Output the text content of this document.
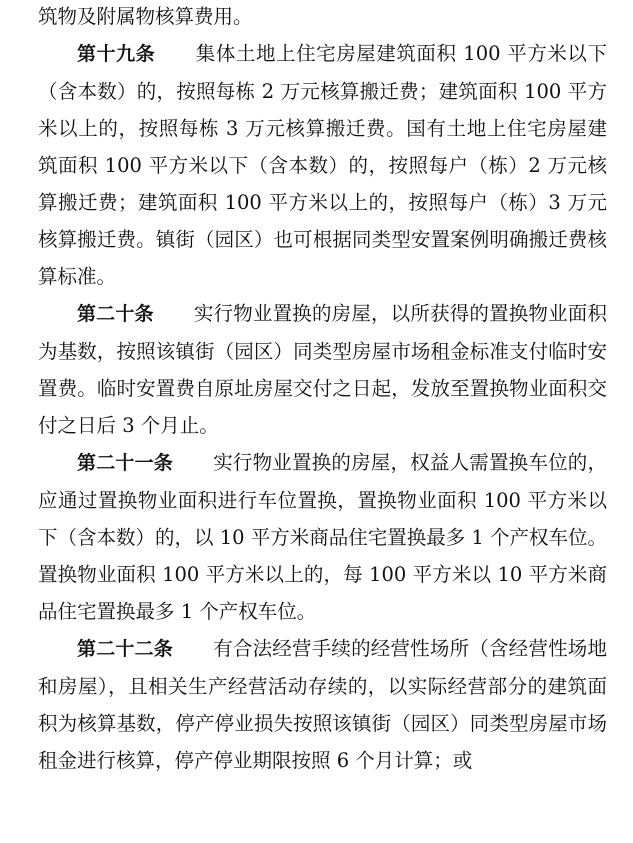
筑物及附属物核算费用。

第十九条 集体土地上住宅房屋建筑面积 100 平方米以下（含本数）的，按照每栋 2 万元核算搬迁费；建筑面积 100 平方米以上的，按照每栋 3 万元核算搬迁费。国有土地上住宅房屋建筑面积 100 平方米以下（含本数）的，按照每户（栋）2 万元核算搬迁费；建筑面积 100 平方米以上的，按照每户（栋）3 万元核算搬迁费。镇街（园区）也可根据同类型安置案例明确搬迁费核算标准。

第二十条 实行物业置换的房屋，以所获得的置换物业面积为基数，按照该镇街（园区）同类型房屋市场租金标准支付临时安置费。临时安置费自原址房屋交付之日起，发放至置换物业面积交付之日后 3 个月止。

第二十一条 实行物业置换的房屋，权益人需置换车位的，应通过置换物业面积进行车位置换，置换物业面积 100 平方米以下（含本数）的，以 10 平方米商品住宅置换最多 1 个产权车位。置换物业面积 100 平方米以上的，每 100 平方米以 10 平方米商品住宅置换最多 1 个产权车位。

第二十二条 有合法经营手续的经营性场所（含经营性场地和房屋），且相关生产经营活动存续的，以实际经营部分的建筑面积为核算基数，停产停业损失按照该镇街（园区）同类型房屋市场租金进行核算，停产停业期限按照 6 个月计算；或
